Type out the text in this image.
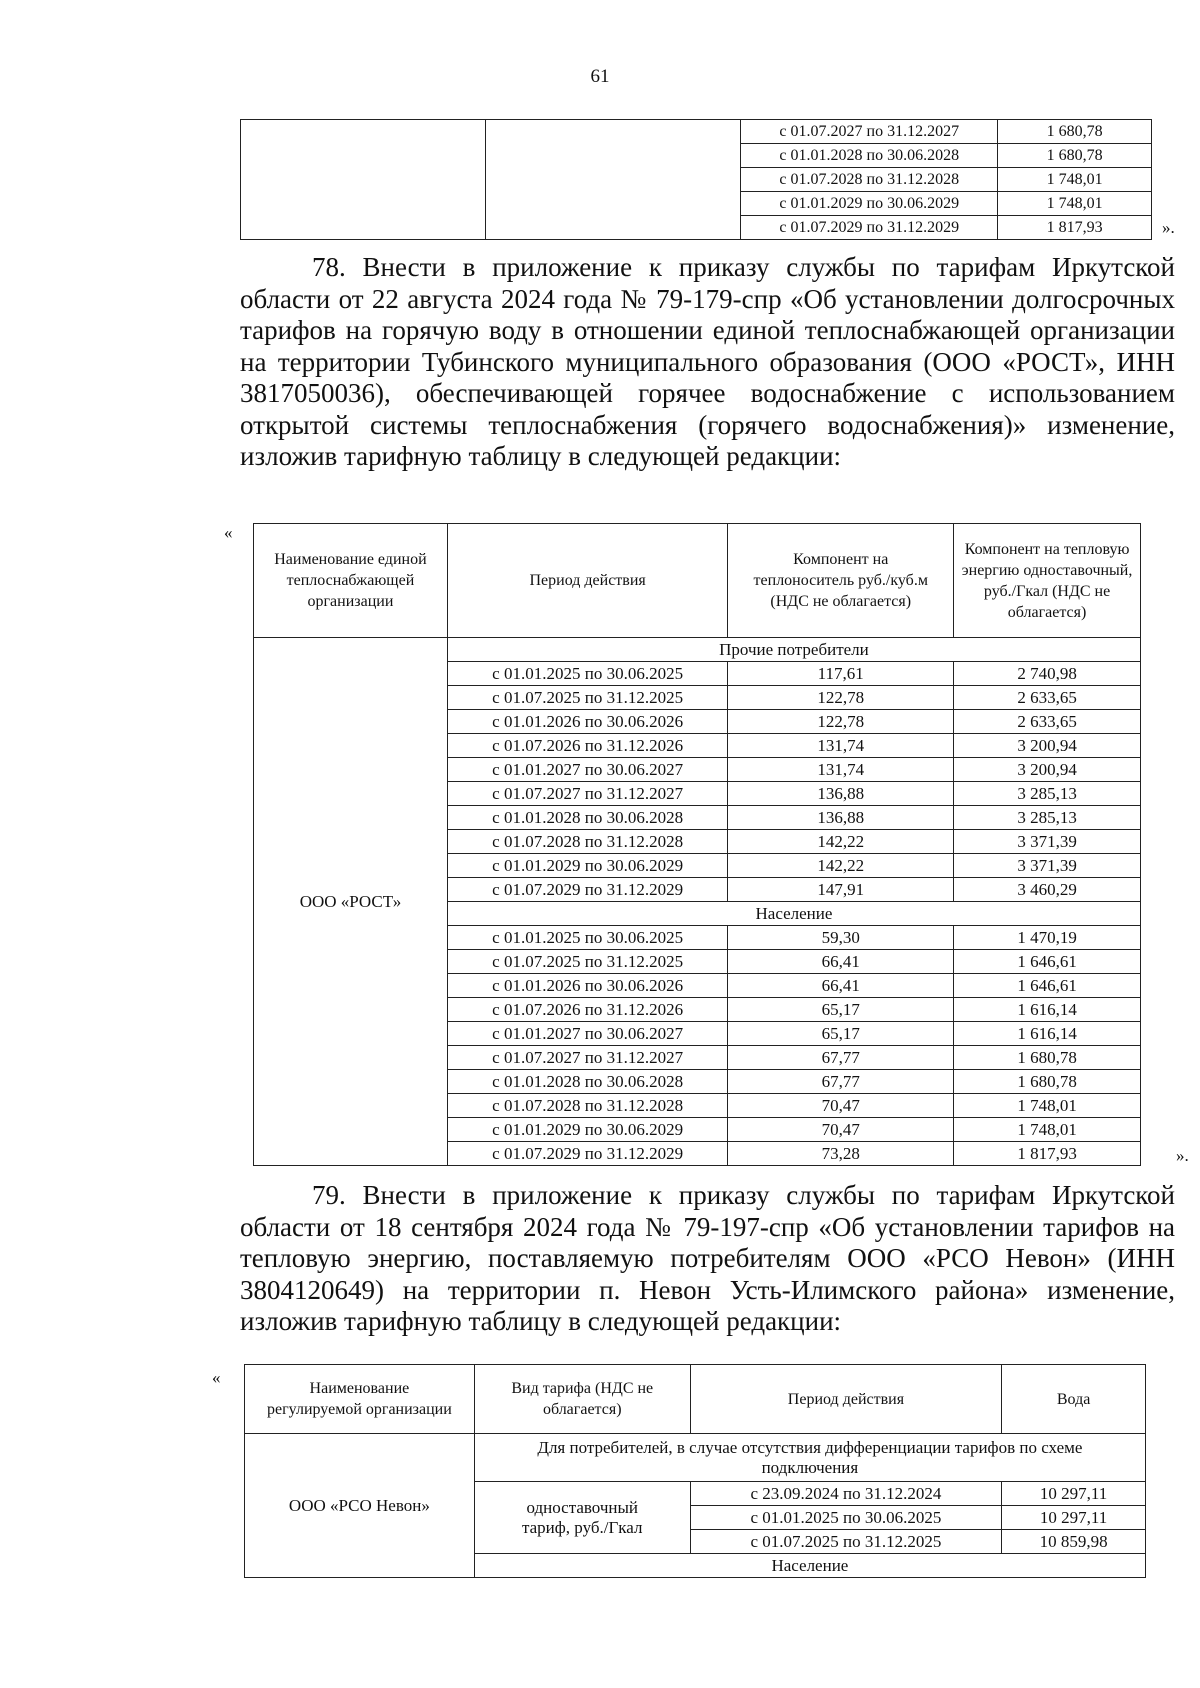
61
		с 01.07.2027 по 31.12.2027	1 680,78
		с 01.01.2028 по 30.06.2028	1 680,78
		с 01.07.2028 по 31.12.2028	1 748,01
		с 01.01.2029 по 30.06.2029	1 748,01
		с 01.07.2029 по 31.12.2029	1 817,93	».
78. Внести в приложение к приказу службы по тарифам Иркутской области от 22 августа 2024 года № 79-179-спр «Об установлении долгосрочных тарифов на горячую воду в отношении единой теплоснабжающей организации на территории Тубинского муниципального образования (ООО «РОСТ», ИНН 3817050036), обеспечивающей горячее водоснабжение с использованием открытой системы теплоснабжения (горячего водоснабжения)» изменение, изложив тарифную таблицу в следующей редакции:
«
Наименование единой теплоснабжающей организации	Период действия	Компонент на теплоноситель руб./куб.м (НДС не облагается)	Компонент на тепловую энергию одноставочный, руб./Гкал (НДС не облагается)
ООО «РОСТ»	Прочие потребители		
	с 01.01.2025 по 30.06.2025	117,61	2 740,98
	с 01.07.2025 по 31.12.2025	122,78	2 633,65
	с 01.01.2026 по 30.06.2026	122,78	2 633,65
	с 01.07.2026 по 31.12.2026	131,74	3 200,94
	с 01.01.2027 по 30.06.2027	131,74	3 200,94
	с 01.07.2027 по 31.12.2027	136,88	3 285,13
	с 01.01.2028 по 30.06.2028	136,88	3 285,13
	с 01.07.2028 по 31.12.2028	142,22	3 371,39
	с 01.01.2029 по 30.06.2029	142,22	3 371,39
	с 01.07.2029 по 31.12.2029	147,91	3 460,29
	Население		
	с 01.01.2025 по 30.06.2025	59,30	1 470,19
	с 01.07.2025 по 31.12.2025	66,41	1 646,61
	с 01.01.2026 по 30.06.2026	66,41	1 646,61
	с 01.07.2026 по 31.12.2026	65,17	1 616,14
	с 01.01.2027 по 30.06.2027	65,17	1 616,14
	с 01.07.2027 по 31.12.2027	67,77	1 680,78
	с 01.01.2028 по 30.06.2028	67,77	1 680,78
	с 01.07.2028 по 31.12.2028	70,47	1 748,01
	с 01.01.2029 по 30.06.2029	70,47	1 748,01
	с 01.07.2029 по 31.12.2029	73,28	1 817,93	».
79. Внести в приложение к приказу службы по тарифам Иркутской области от 18 сентября 2024 года № 79-197-спр «Об установлении тарифов на тепловую энергию, поставляемую потребителям ООО «РСО Невон» (ИНН 3804120649) на территории п. Невон Усть-Илимского района» изменение, изложив тарифную таблицу в следующей редакции:
«
Наименование регулируемой организации	Вид тарифа (НДС не облагается)	Период действия	Вода
ООО «РСО Невон»	Для потребителей, в случае отсутствия дифференциации тарифов по схеме подключения		
	одноставочный тариф, руб./Гкал	с 23.09.2024 по 31.12.2024	10 297,11
		с 01.01.2025 по 30.06.2025	10 297,11
		с 01.07.2025 по 31.12.2025	10 859,98
	Население		
